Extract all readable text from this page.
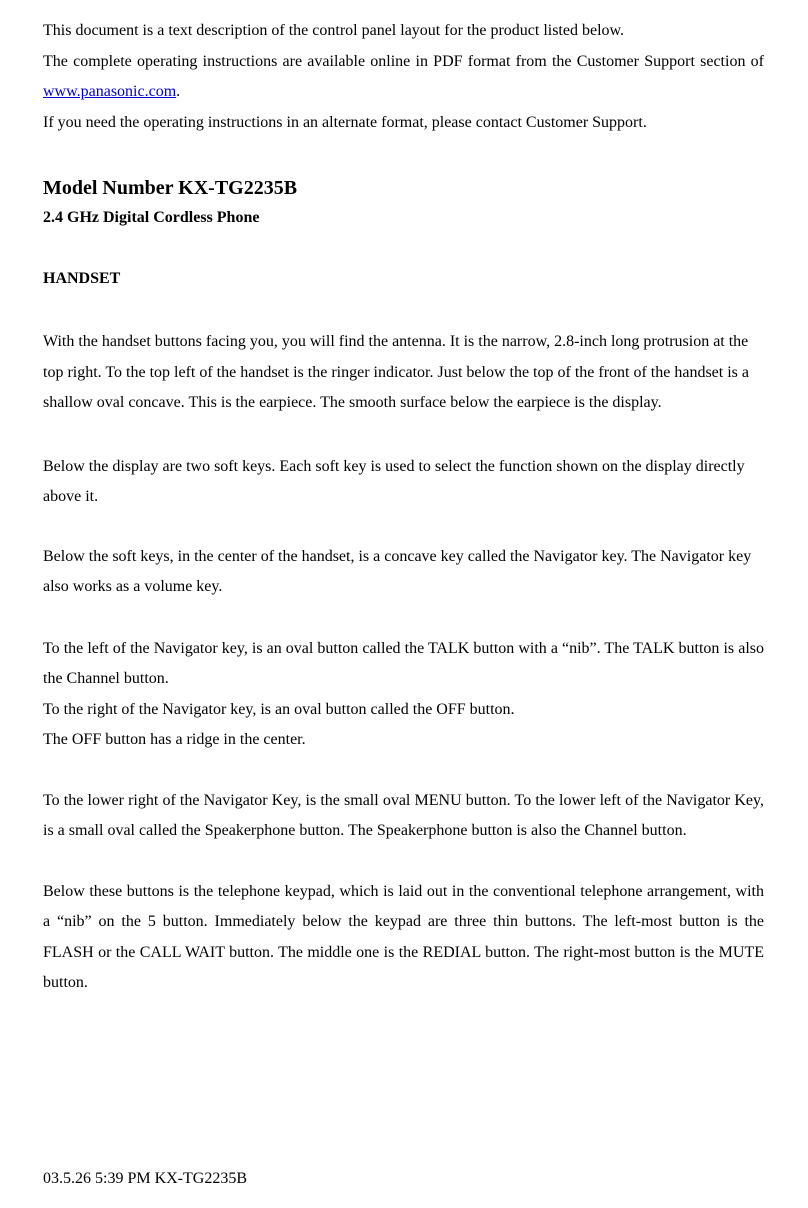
This document is a text description of the control panel layout for the product listed below.

The complete operating instructions are available online in PDF format from the Customer Support section of www.panasonic.com.

If you need the operating instructions in an alternate format, please contact Customer Support.

Model Number KX-TG2235B

2.4 GHz Digital Cordless Phone

HANDSET

With the handset buttons facing you, you will find the antenna. It is the narrow, 2.8-inch long protrusion at the top right. To the top left of the handset is the ringer indicator. Just below the top of the front of the handset is a shallow oval concave. This is the earpiece. The smooth surface below the earpiece is the display.

Below the display are two soft keys. Each soft key is used to select the function shown on the display directly above it.

Below the soft keys, in the center of the handset, is a concave key called the Navigator key. The Navigator key also works as a volume key.

To the left of the Navigator key, is an oval button called the TALK button with a “nib”. The TALK button is also the Channel button.

To the right of the Navigator key, is an oval button called the OFF button.

The OFF button has a ridge in the center.

To the lower right of the Navigator Key, is the small oval MENU button. To the lower left of the Navigator Key, is a small oval called the Speakerphone button. The Speakerphone button is also the Channel button.

Below these buttons is the telephone keypad, which is laid out in the conventional telephone arrangement, with a “nib” on the 5 button. Immediately below the keypad are three thin buttons. The left-most button is the FLASH or the CALL WAIT button. The middle one is the REDIAL button. The right-most button is the MUTE button.

03.5.26 5:39 PM KX-TG2235B
